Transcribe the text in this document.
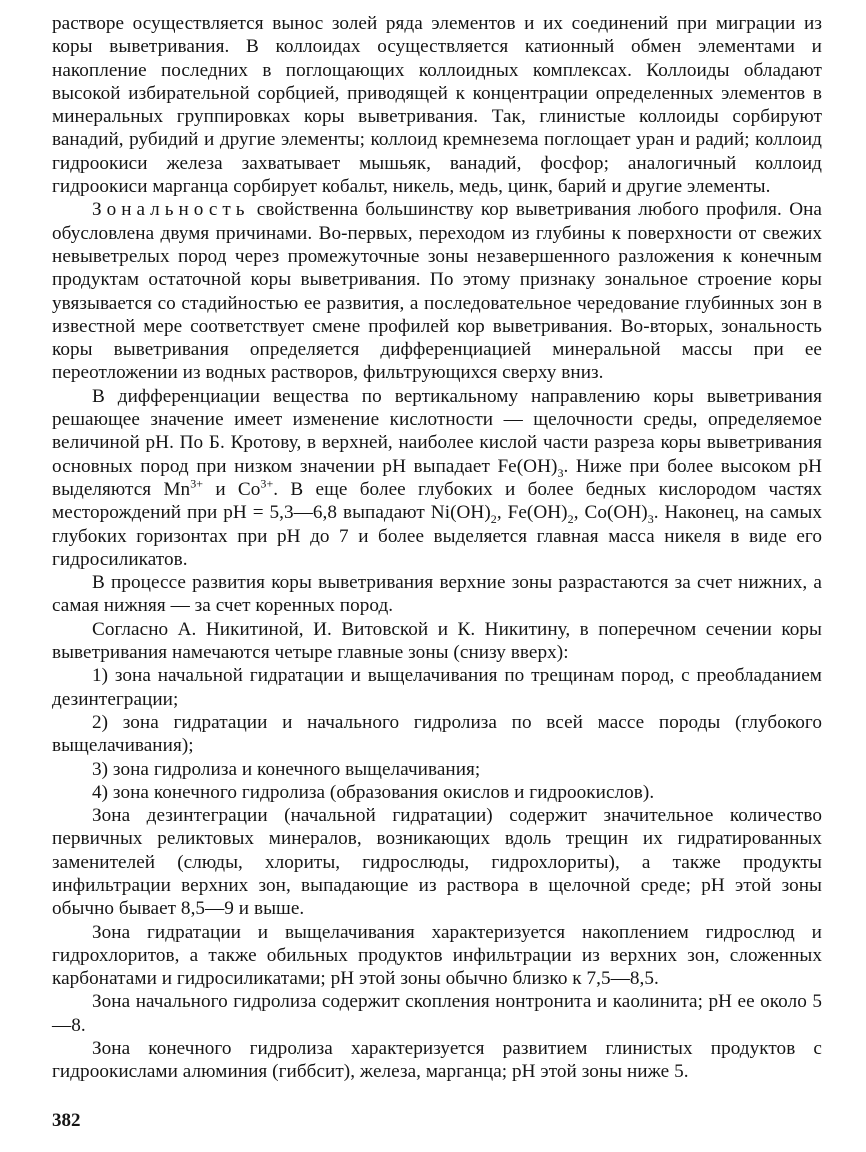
растворе осуществляется вынос золей ряда элементов и их соединений при миграции из коры выветривания. В коллоидах осуществляется катионный обмен элементами и накопление последних в поглощающих коллоидных комплексах. Коллоиды обладают высокой избирательной сорбцией, приводящей к концентрации определенных элементов в минеральных группировках коры выветривания. Так, глинистые коллоиды сорбируют ванадий, рубидий и другие элементы; коллоид кремнезема поглощает уран и радий; коллоид гидроокиси железа захватывает мышьяк, ванадий, фосфор; аналогичный коллоид гидроокиси марганца сорбирует кобальт, никель, медь, цинк, барий и другие элементы.

Зональность свойственна большинству кор выветривания любого профиля. Она обусловлена двумя причинами. Во-первых, переходом из глубины к поверхности от свежих невыветрелых пород через промежуточные зоны незавершенного разложения к конечным продуктам остаточной коры выветривания. По этому признаку зональное строение коры увязывается со стадийностью ее развития, а последовательное чередование глубинных зон в известной мере соответствует смене профилей кор выветривания. Во-вторых, зональность коры выветривания определяется дифференциацией минеральной массы при ее переотложении из водных растворов, фильтрующихся сверху вниз.

В дифференциации вещества по вертикальному направлению коры выветривания решающее значение имеет изменение кислотности — щелочности среды, определяемое величиной pH. По Б. Кротову, в верхней, наиболее кислой части разреза коры выветривания основных пород при низком значении pH выпадает $Fe(OH)_3$. Ниже при более высоком pH выделяются $Mn^{3+}$ и $Co^{3+}$. В еще более глубоких и более бедных кислородом частях месторождений при pH = 5,3—6,8 выпадают $Ni(OH)_2$, $Fe(OH)_2$, $Co(OH)_3$. Наконец, на самых глубоких горизонтах при pH до 7 и более выделяется главная масса никеля в виде его гидросиликатов.

В процессе развития коры выветривания верхние зоны разрастаются за счет нижних, а самая нижняя — за счет коренных пород.

Согласно А. Никитиной, И. Витовской и К. Никитину, в поперечном сечении коры выветривания намечаются четыре главные зоны (снизу вверх):

1) зона начальной гидратации и выщелачивания по трещинам пород, с преобладанием дезинтеграции;

2) зона гидратации и начального гидролиза по всей массе породы (глубокого выщелачивания);

3) зона гидролиза и конечного выщелачивания;

4) зона конечного гидролиза (образования окислов и гидроокислов).

Зона дезинтеграции (начальной гидратации) содержит значительное количество первичных реликтовых минералов, возникающих вдоль трещин их гидратированных заменителей (слюды, хлориты, гидрослюды, гидрохлориты), а также продукты инфильтрации верхних зон, выпадающие из раствора в щелочной среде; pH этой зоны обычно бывает 8,5—9 и выше.

Зона гидратации и выщелачивания характеризуется накоплением гидрослюд и гидрохлоритов, а также обильных продуктов инфильтрации из верхних зон, сложенных карбонатами и гидросиликатами; pH этой зоны обычно близко к 7,5—8,5.

Зона начального гидролиза содержит скопления нонтронита и каолинита; pH ее около 5—8.

Зона конечного гидролиза характеризуется развитием глинистых продуктов с гидроокислами алюминия (гиббсит), железа, марганца; pH этой зоны ниже 5.

382
